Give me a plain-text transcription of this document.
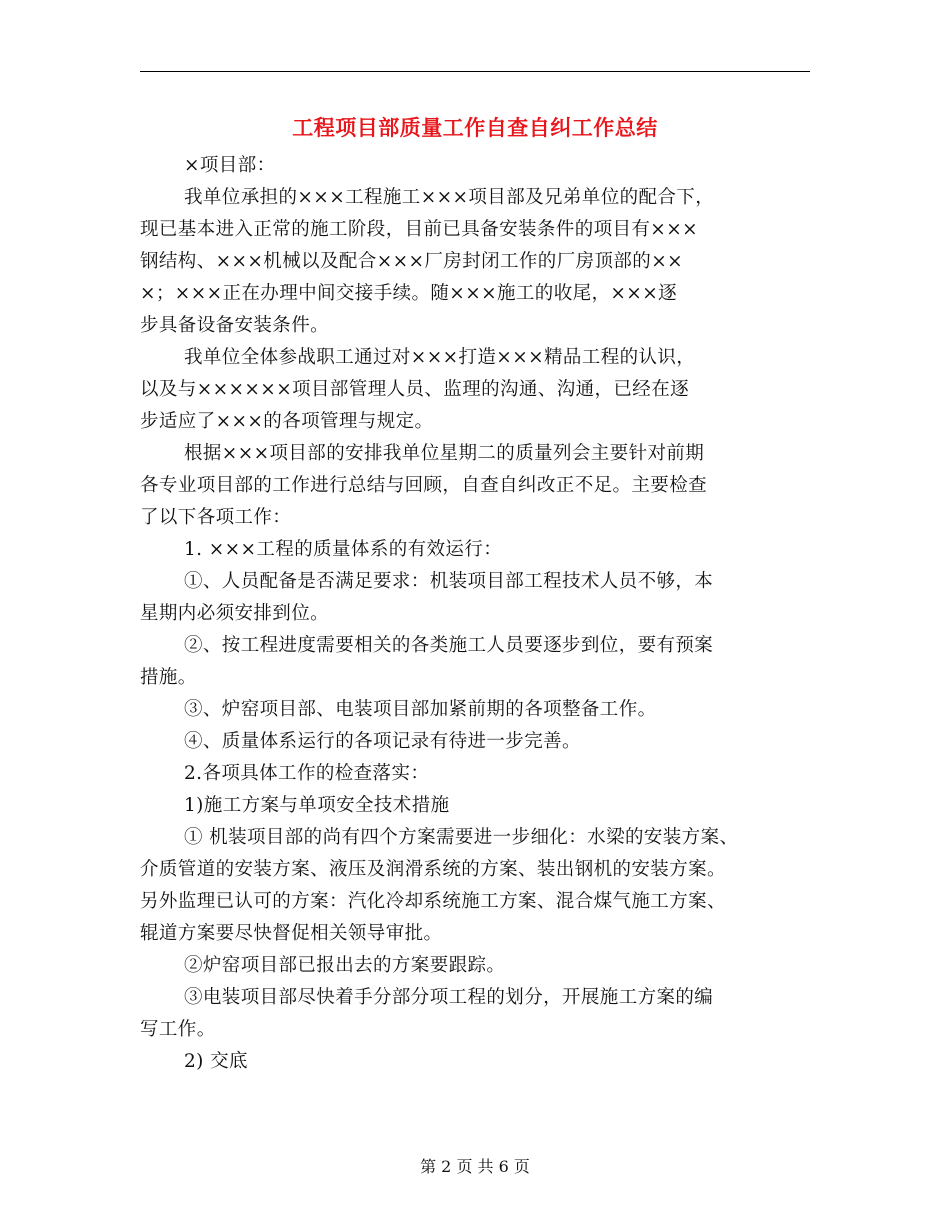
工程项目部质量工作自查自纠工作总结
×项目部：
我单位承担的×××工程施工×××项目部及兄弟单位的配合下，
现已基本进入正常的施工阶段，目前已具备安装条件的项目有×××
钢结构、×××机械以及配合×××厂房封闭工作的厂房顶部的××
×；×××正在办理中间交接手续。随×××施工的收尾，×××逐
步具备设备安装条件。
我单位全体参战职工通过对×××打造×××精品工程的认识，
以及与××××××项目部管理人员、监理的沟通、沟通，已经在逐
步适应了×××的各项管理与规定。
根据×××项目部的安排我单位星期二的质量列会主要针对前期
各专业项目部的工作进行总结与回顾，自查自纠改正不足。主要检查
了以下各项工作：
1. ×××工程的质量体系的有效运行：
①、人员配备是否满足要求：机装项目部工程技术人员不够，本
星期内必须安排到位。
②、按工程进度需要相关的各类施工人员要逐步到位，要有预案
措施。
③、炉窑项目部、电装项目部加紧前期的各项整备工作。
④、质量体系运行的各项记录有待进一步完善。
2.各项具体工作的检查落实：
1)施工方案与单项安全技术措施
① 机装项目部的尚有四个方案需要进一步细化：水梁的安装方案、
介质管道的安装方案、液压及润滑系统的方案、装出钢机的安装方案。
另外监理已认可的方案：汽化冷却系统施工方案、混合煤气施工方案、
辊道方案要尽快督促相关领导审批。
②炉窑项目部已报出去的方案要跟踪。
③电装项目部尽快着手分部分项工程的划分，开展施工方案的编
写工作。
2) 交底
第 2 页 共 6 页
